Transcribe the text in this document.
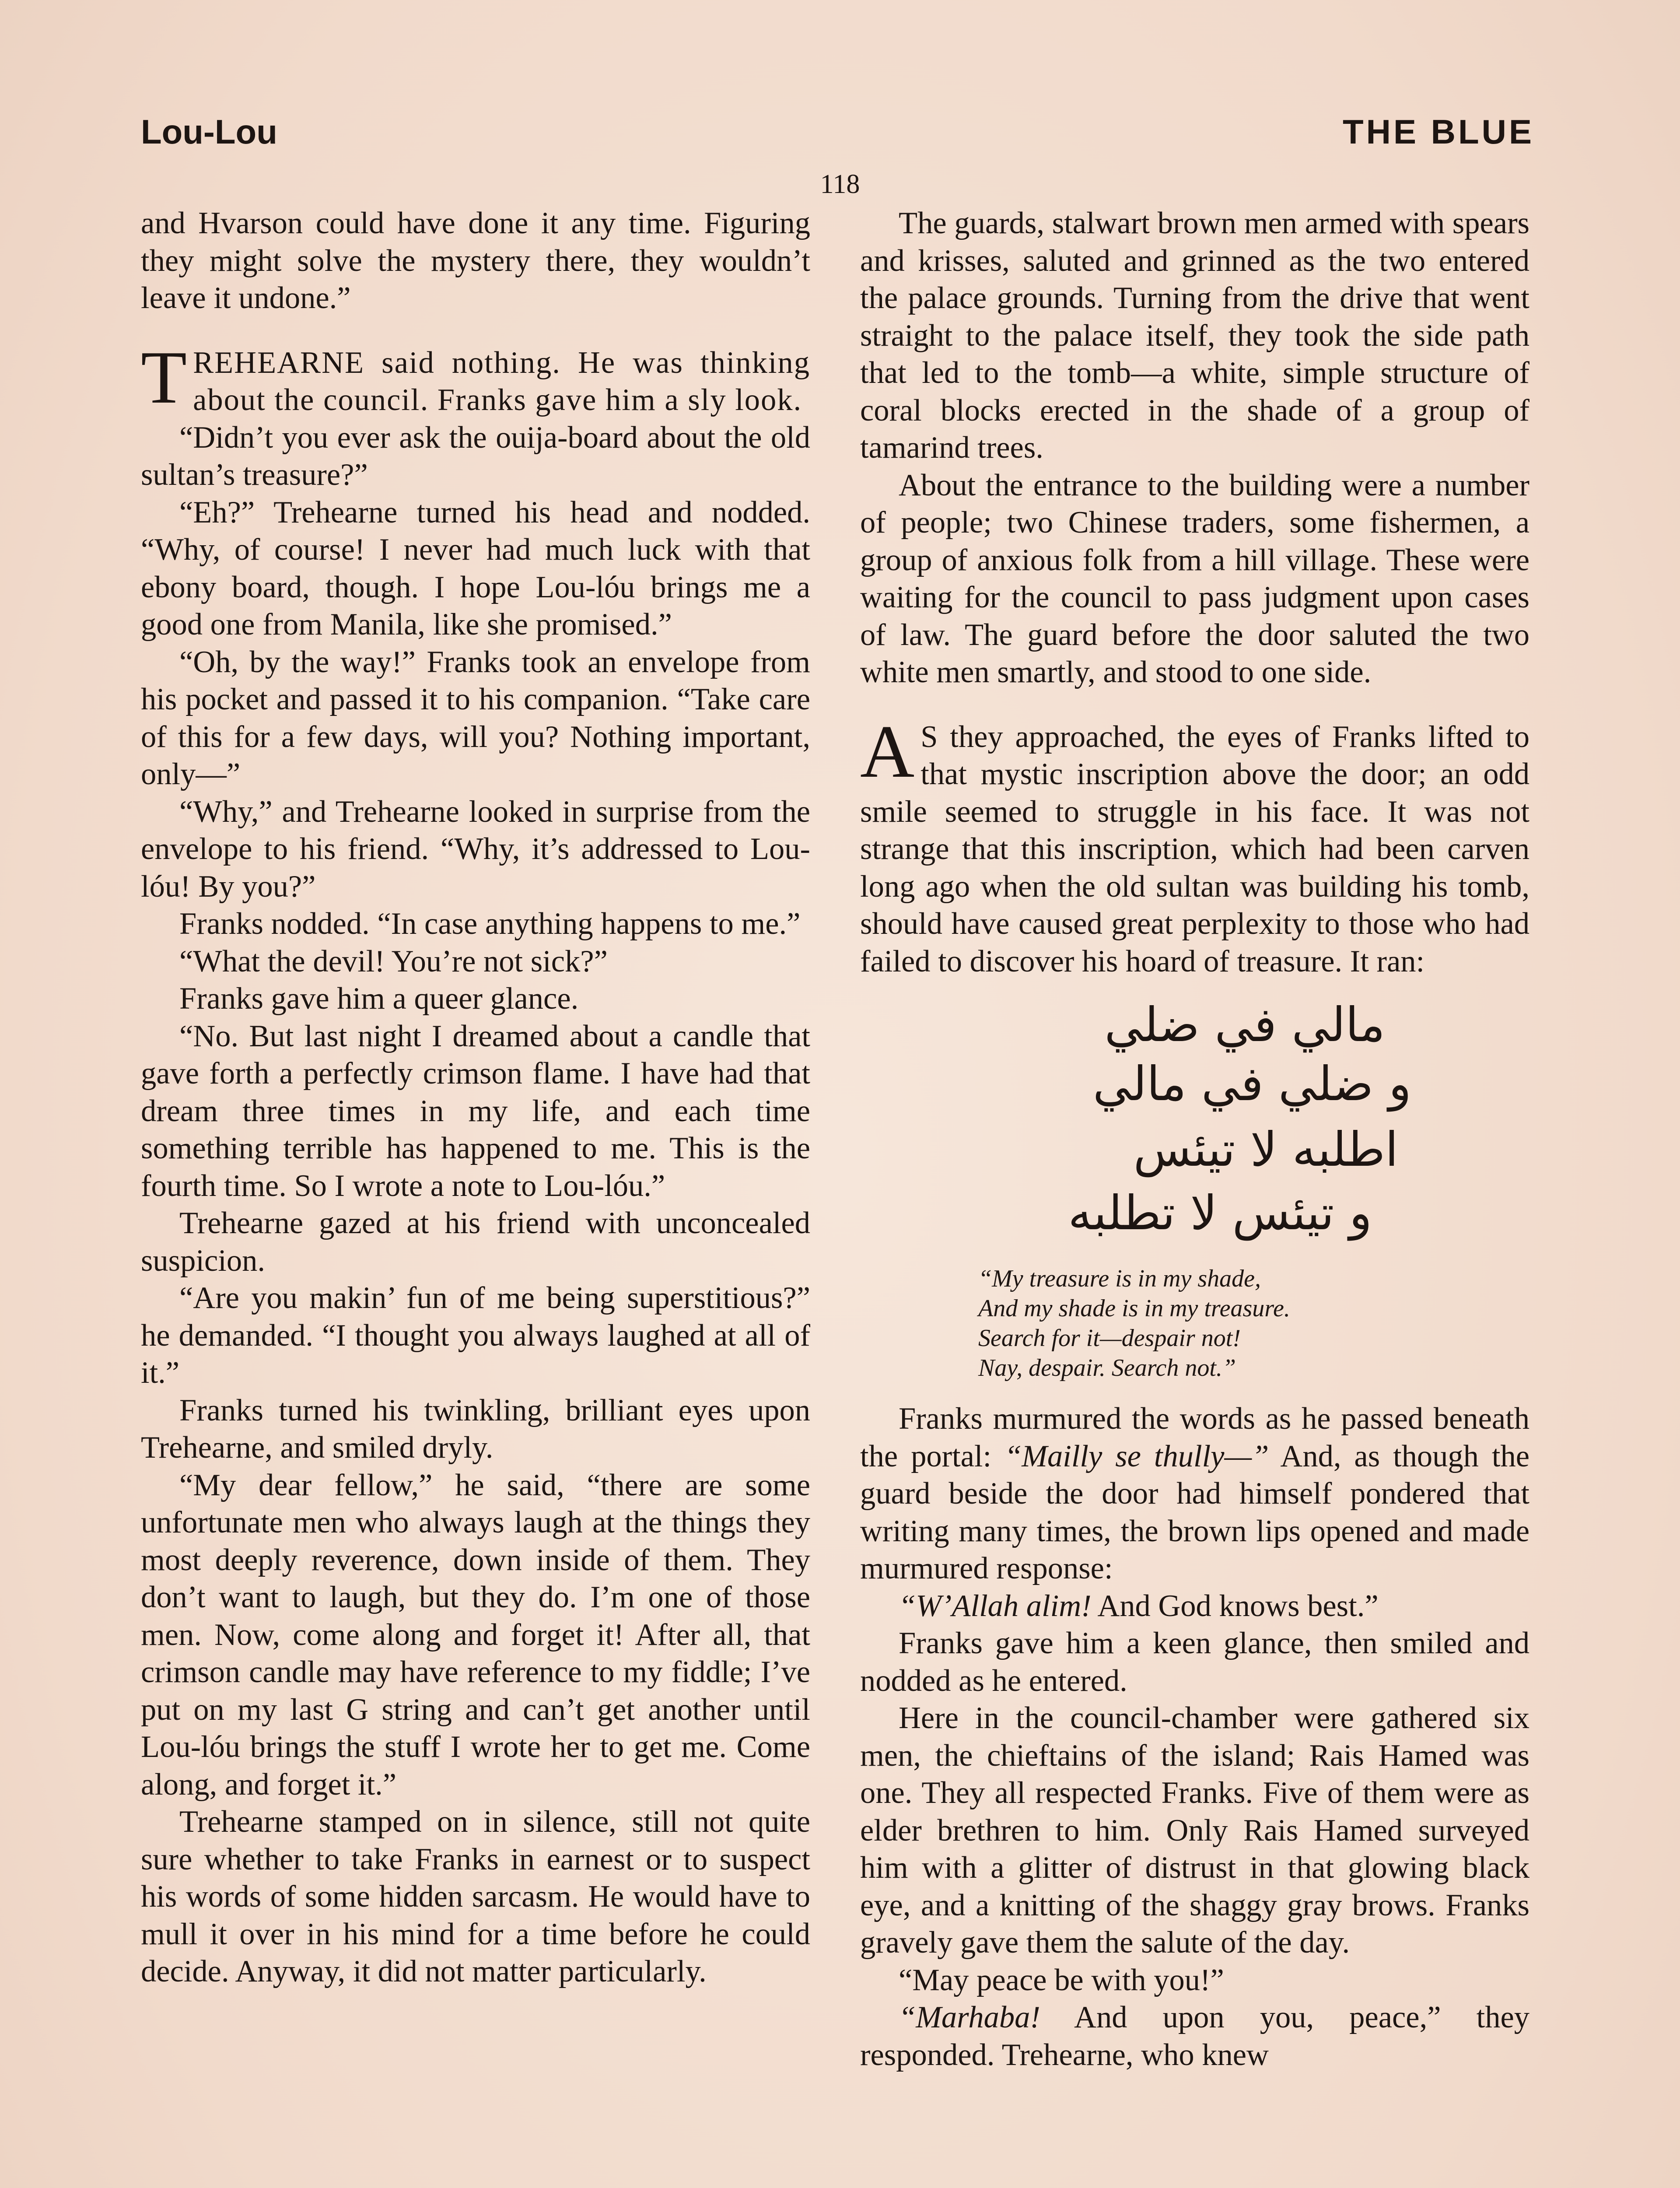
Lou-Lou	THE BLUE
118

and Hvarson could have done it any time. Figuring they might solve the mystery there, they wouldn’t leave it undone.”

TREHEARNE said nothing. He was thinking about the council. Franks gave him a sly look.

“Didn’t you ever ask the ouija-board about the old sultan’s treasure?”

“Eh?” Trehearne turned his head and nodded. “Why, of course! I never had much luck with that ebony board, though. I hope Lou-lóu brings me a good one from Manila, like she promised.”

“Oh, by the way!” Franks took an envelope from his pocket and passed it to his companion. “Take care of this for a few days, will you? Nothing important, only—”

“Why,” and Trehearne looked in surprise from the envelope to his friend. “Why, it’s addressed to Lou-lóu! By you?”

Franks nodded. “In case anything happens to me.”

“What the devil! You’re not sick?”

Franks gave him a queer glance.

“No. But last night I dreamed about a candle that gave forth a perfectly crimson flame. I have had that dream three times in my life, and each time something terrible has happened to me. This is the fourth time. So I wrote a note to Lou-lóu.”

Trehearne gazed at his friend with unconcealed suspicion.

“Are you makin’ fun of me being superstitious?” he demanded. “I thought you always laughed at all of it.”

Franks turned his twinkling, brilliant eyes upon Trehearne, and smiled dryly.

“My dear fellow,” he said, “there are some unfortunate men who always laugh at the things they most deeply reverence, down inside of them. They don’t want to laugh, but they do. I’m one of those men. Now, come along and forget it! After all, that crimson candle may have reference to my fiddle; I’ve put on my last G string and can’t get another until Lou-lóu brings the stuff I wrote her to get me. Come along, and forget it.”

Trehearne stamped on in silence, still not quite sure whether to take Franks in earnest or to suspect his words of some hidden sarcasm. He would have to mull it over in his mind for a time before he could decide. Anyway, it did not matter particularly.

The guards, stalwart brown men armed with spears and krisses, saluted and grinned as the two entered the palace grounds. Turning from the drive that went straight to the palace itself, they took the side path that led to the tomb—a white, simple structure of coral blocks erected in the shade of a group of tamarind trees.

About the entrance to the building were a number of people; two Chinese traders, some fishermen, a group of anxious folk from a hill village. These were waiting for the council to pass judgment upon cases of law. The guard before the door saluted the two white men smartly, and stood to one side.

A S they approached, the eyes of Franks lifted to that mystic inscription above the door; an odd smile seemed to struggle in his face. It was not strange that this inscription, which had been carven long ago when the old sultan was building his tomb, should have caused great perplexity to those who had failed to discover his hoard of treasure. It ran:

مالي في ضلي
و ضلي في مالي
اطلبه لا تيئس
و تيئس لا تطلبه
“My treasure is in my shade,
And my shade is in my treasure.
Search for it—despair not!
Nay, despair. Search not.”

Franks murmured the words as he passed beneath the portal: “Mailly se thully—” And, as though the guard beside the door had himself pondered that writing many times, the brown lips opened and made murmured response:

“W’Allah alim! And God knows best.”

Franks gave him a keen glance, then smiled and nodded as he entered.

Here in the council-chamber were gathered six men, the chieftains of the island; Rais Hamed was one. They all respected Franks. Five of them were as elder brethren to him. Only Rais Hamed surveyed him with a glitter of distrust in that glowing black eye, and a knitting of the shaggy gray brows. Franks gravely gave them the salute of the day.

“May peace be with you!”

“Marhaba! And upon you, peace,” they responded. Trehearne, who knew
